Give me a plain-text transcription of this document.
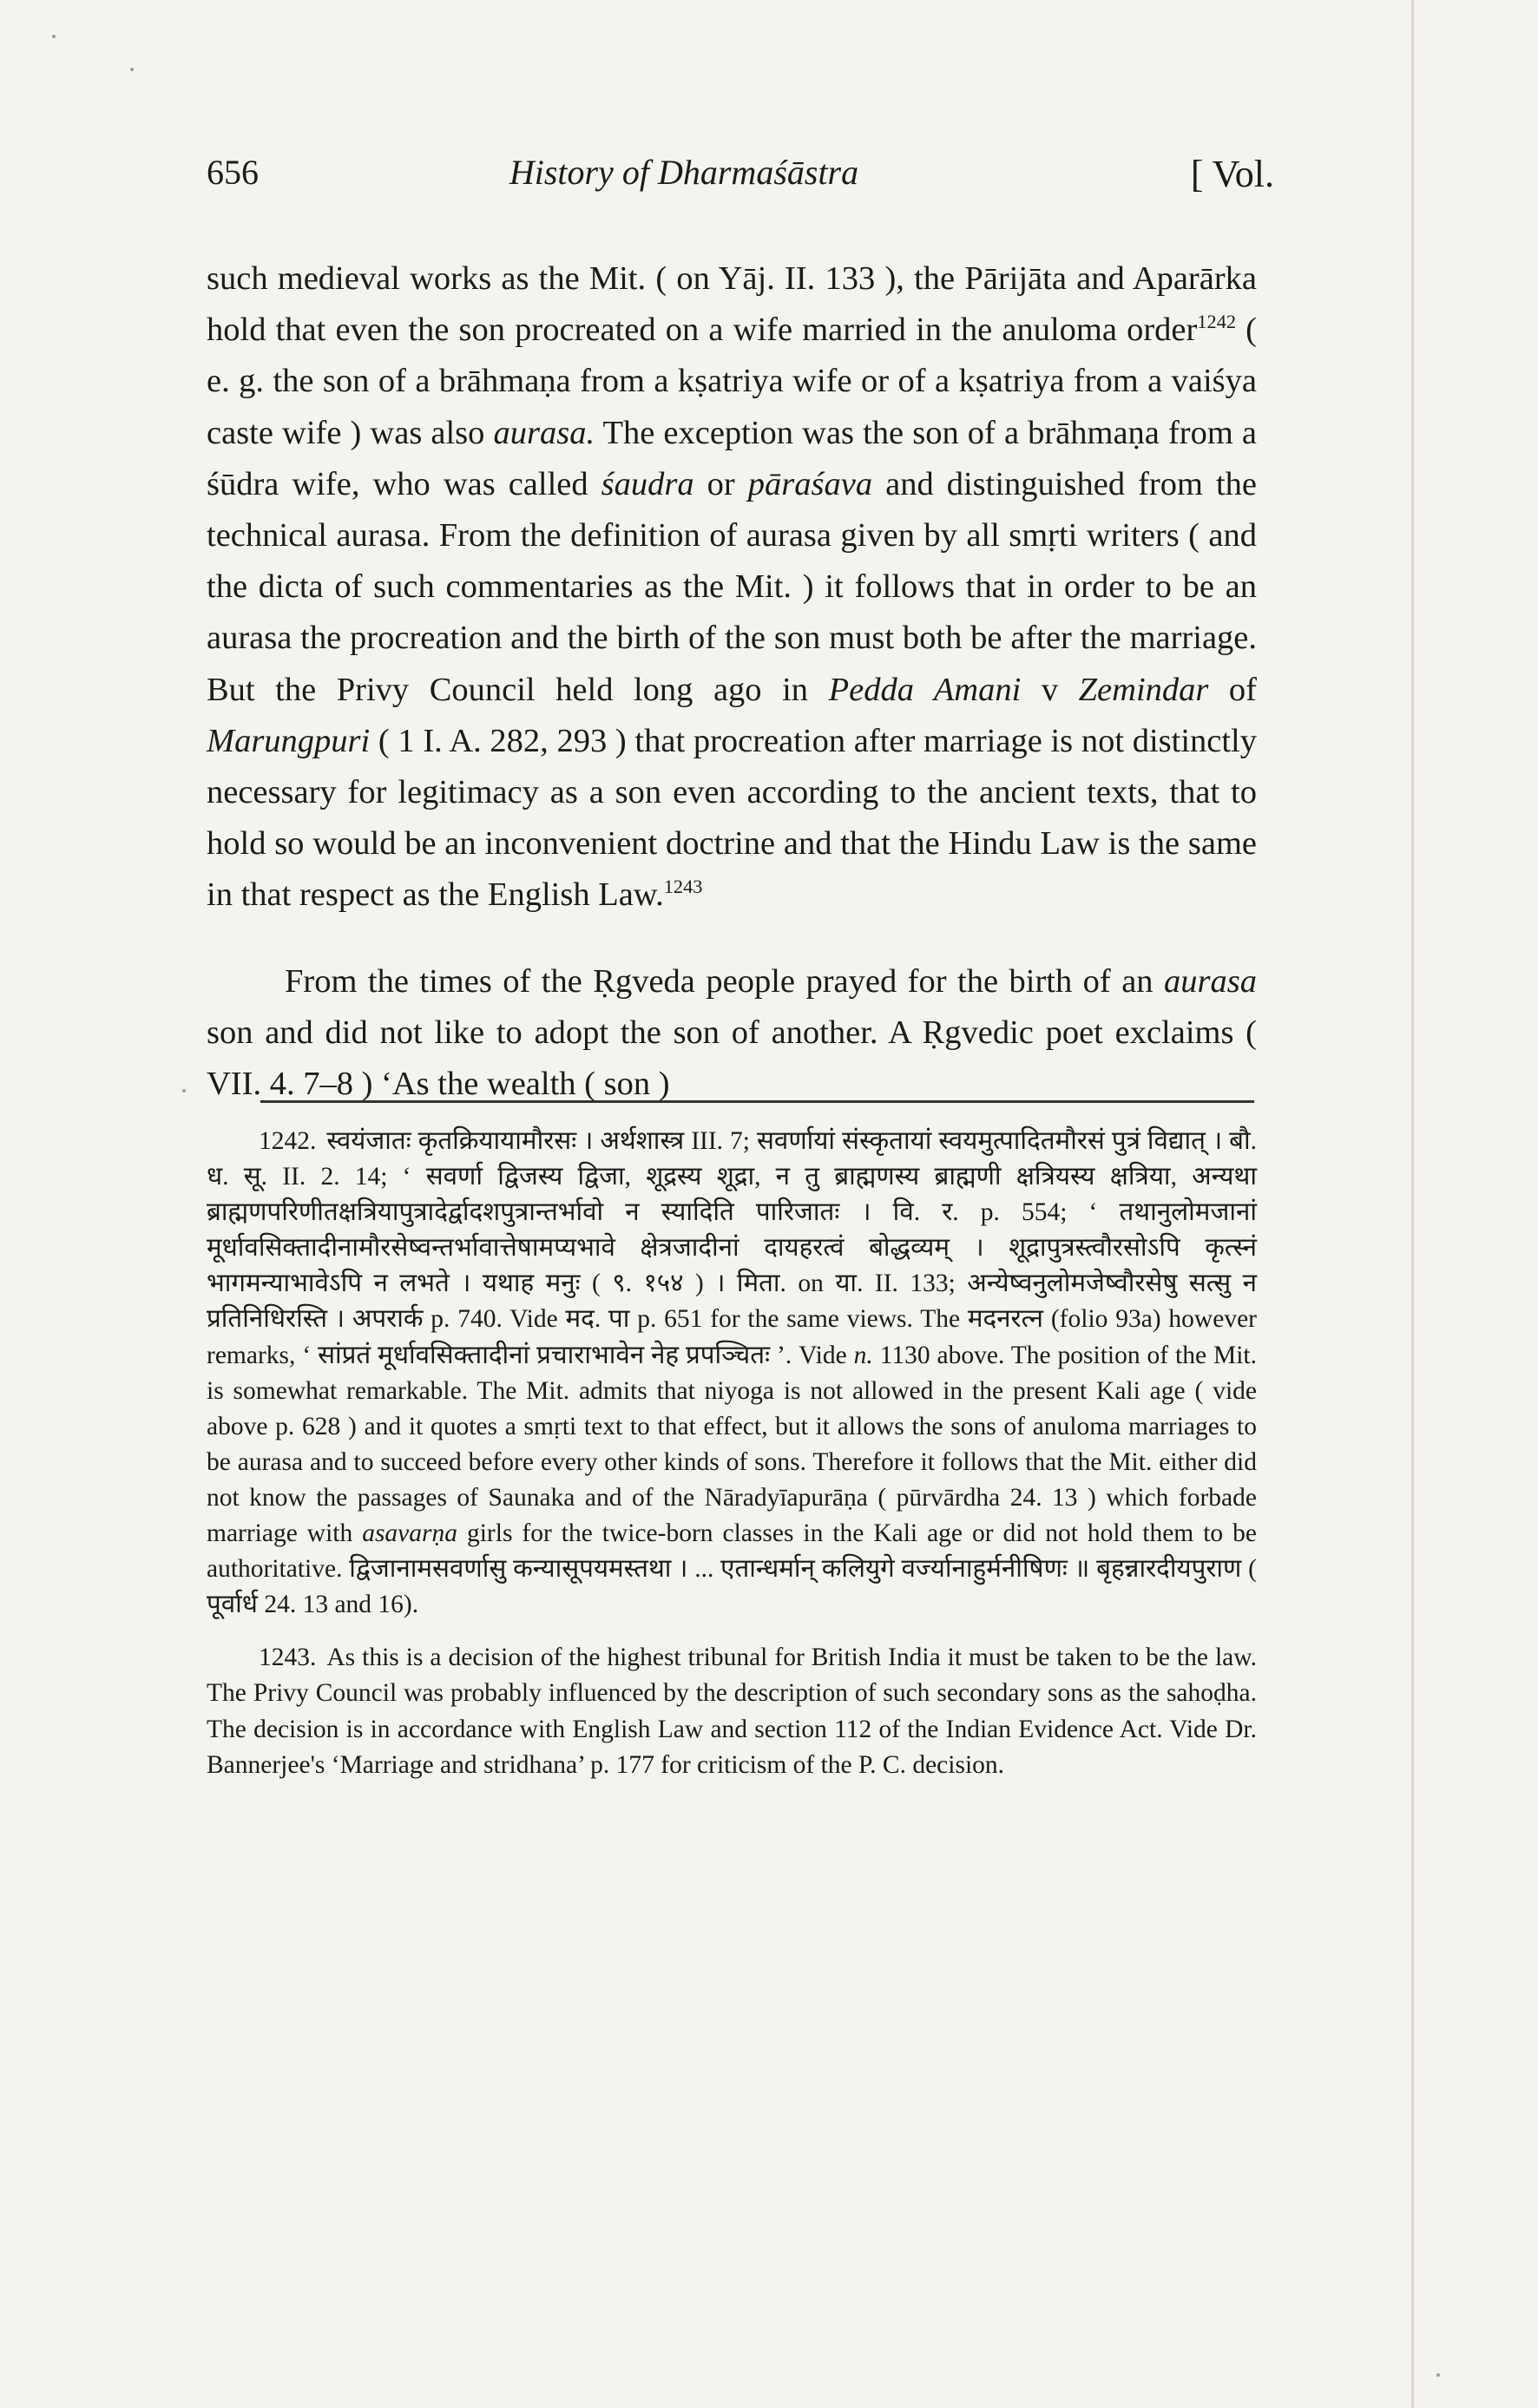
656	History of Dharmaśāstra	[ Vol.

such medieval works as the Mit. ( on Yāj. II. 133 ), the Pārijāta and Aparārka hold that even the son procreated on a wife married in the anuloma order$^{1242}$ ( e. g. the son of a brāhmaṇa from a kṣatriya wife or of a kṣatriya from a vaiśya caste wife ) was also aurasa. The exception was the son of a brāhmaṇa from a śūdra wife, who was called śaudra or pāraśava and distinguished from the technical aurasa. From the definition of aurasa given by all smṛti writers ( and the dicta of such commentaries as the Mit. ) it follows that in order to be an aurasa the procreation and the birth of the son must both be after the marriage. But the Privy Council held long ago in Pedda Amani v Zemindar of Marungpuri ( 1 I. A. 282, 293 ) that procreation after marriage is not distinctly necessary for legitimacy as a son even according to the ancient texts, that to hold so would be an inconvenient doctrine and that the Hindu Law is the same in that respect as the English Law.$^{1243}$

From the times of the Ṛgveda people prayed for the birth of an aurasa son and did not like to adopt the son of another. A Ṛgvedic poet exclaims ( VII. 4. 7–8 ) ‘As the wealth ( son )

1242. स्वयंजातः कृतक्रियायामौरसः । अर्थशास्त्र III. 7; सवर्णायां संस्कृतायां स्वयमुत्पादितमौरसं पुत्रं विद्यात् । बौ. ध. सू. II. 2. 14; ‘ सवर्णा द्विजस्य द्विजा, शूद्रस्य शूद्रा, न तु ब्राह्मणस्य ब्राह्मणी क्षत्रियस्य क्षत्रिया, अन्यथा ब्राह्मणपरिणीतक्षत्रियापुत्रादेर्द्वादशपुत्रान्तर्भावो न स्यादिति पारिजातः । वि. र. p. 554; ‘ तथानुलोमजानां मूर्धावसिक्तादीनामौरसेष्वन्तर्भावात्तेषामप्यभावे क्षेत्रजादीनां दायहरत्वं बोद्धव्यम् । शूद्रापुत्रस्त्वौरसोऽपि कृत्स्नं भागमन्याभावेऽपि न लभते । यथाह मनुः ( ९. १५४ ) । मिता. on या. II. 133; अन्येष्वनुलोमजेष्वौरसेषु सत्सु न प्रतिनिधिरस्ति । अपरार्क p. 740. Vide मद. पा p. 651 for the same views. The मदनरत्न (folio 93a) however remarks, ‘ सांप्रतं मूर्धावसिक्तादीनां प्रचाराभावेन नेह प्रपञ्चितः ’. Vide n. 1130 above. The position of the Mit. is somewhat remarkable. The Mit. admits that niyoga is not allowed in the present Kali age ( vide above p. 628 ) and it quotes a smṛti text to that effect, but it allows the sons of anuloma marriages to be aurasa and to succeed before every other kinds of sons. Therefore it follows that the Mit. either did not know the passages of Saunaka and of the Nāradyīapurāṇa ( pūrvārdha 24. 13 ) which forbade marriage with asavarṇa girls for the twice-born classes in the Kali age or did not hold them to be authoritative. द्विजानामसवर्णासु कन्यासूपयमस्तथा । ... एतान्धर्मान् कलियुगे वर्ज्यानाहुर्मनीषिणः ॥ बृहन्नारदीयपुराण ( पूर्वार्ध 24. 13 and 16).

1243. As this is a decision of the highest tribunal for British India it must be taken to be the law. The Privy Council was probably influenced by the description of such secondary sons as the sahoḍha. The decision is in accordance with English Law and section 112 of the Indian Evidence Act. Vide Dr. Bannerjee's ‘Marriage and stridhana’ p. 177 for criticism of the P. C. decision.
